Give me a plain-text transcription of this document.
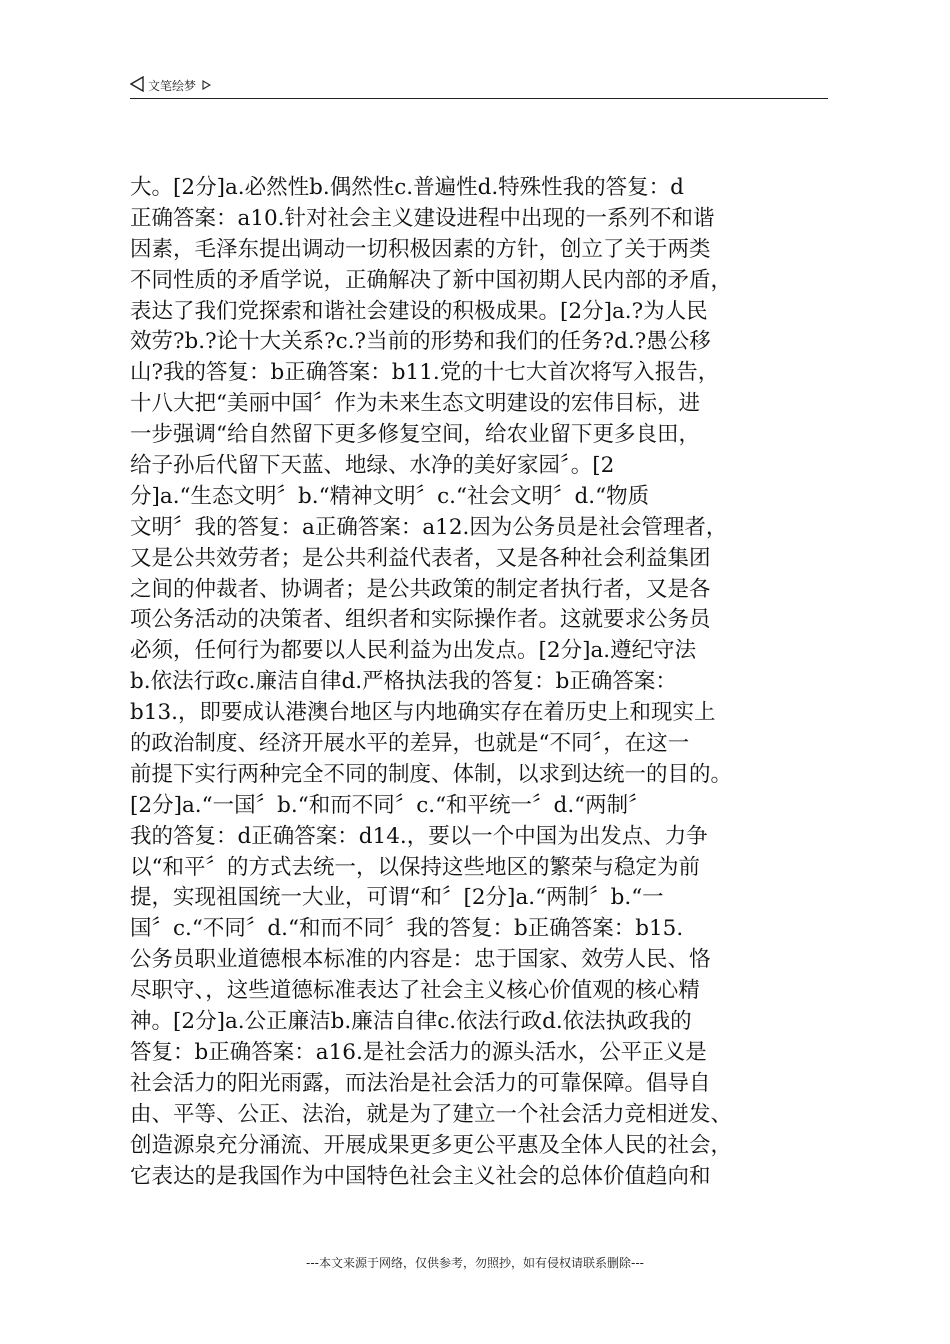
文笔绘梦
大。[2分]a.必然性b.偶然性c.普遍性d.特殊性我的答复：d
正确答案：a10.针对社会主义建设进程中出现的一系列不和谐
因素，毛泽东提出调动一切积极因素的方针，创立了关于两类
不同性质的矛盾学说，正确解决了新中国初期人民内部的矛盾，
表达了我们党探索和谐社会建设的积极成果。[2分]a.?为人民
效劳?b.?论十大关系?c.?当前的形势和我们的任务?d.?愚公移
山?我的答复：b正确答案：b11.党的十七大首次将写入报告，
十八大把“美丽中国〞作为未来生态文明建设的宏伟目标，进
一步强调“给自然留下更多修复空间，给农业留下更多良田，
给子孙后代留下天蓝、地绿、水净的美好家园〞。[2
分]a.“生态文明〞b.“精神文明〞c.“社会文明〞d.“物质
文明〞我的答复：a正确答案：a12.因为公务员是社会管理者，
又是公共效劳者；是公共利益代表者，又是各种社会利益集团
之间的仲裁者、协调者；是公共政策的制定者执行者，又是各
项公务活动的决策者、组织者和实际操作者。这就要求公务员
必须，任何行为都要以人民利益为出发点。[2分]a.遵纪守法
b.依法行政c.廉洁自律d.严格执法我的答复：b正确答案：
b13.，即要成认港澳台地区与内地确实存在着历史上和现实上
的政治制度、经济开展水平的差异，也就是“不同〞，在这一
前提下实行两种完全不同的制度、体制，以求到达统一的目的。
[2分]a.“一国〞b.“和而不同〞c.“和平统一〞d.“两制〞
我的答复：d正确答案：d14.，要以一个中国为出发点、力争
以“和平〞的方式去统一，以保持这些地区的繁荣与稳定为前
提，实现祖国统一大业，可谓“和〞[2分]a.“两制〞b.“一
国〞c.“不同〞d.“和而不同〞我的答复：b正确答案：b15.
公务员职业道德根本标准的内容是：忠于国家、效劳人民、恪
尽职守、，这些道德标准表达了社会主义核心价值观的核心精
神。[2分]a.公正廉洁b.廉洁自律c.依法行政d.依法执政我的
答复：b正确答案：a16.是社会活力的源头活水，公平正义是
社会活力的阳光雨露，而法治是社会活力的可靠保障。倡导自
由、平等、公正、法治，就是为了建立一个社会活力竞相迸发、
创造源泉充分涌流、开展成果更多更公平惠及全体人民的社会，
它表达的是我国作为中国特色社会主义社会的总体价值趋向和
---本文来源于网络，仅供参考，勿照抄，如有侵权请联系删除---
